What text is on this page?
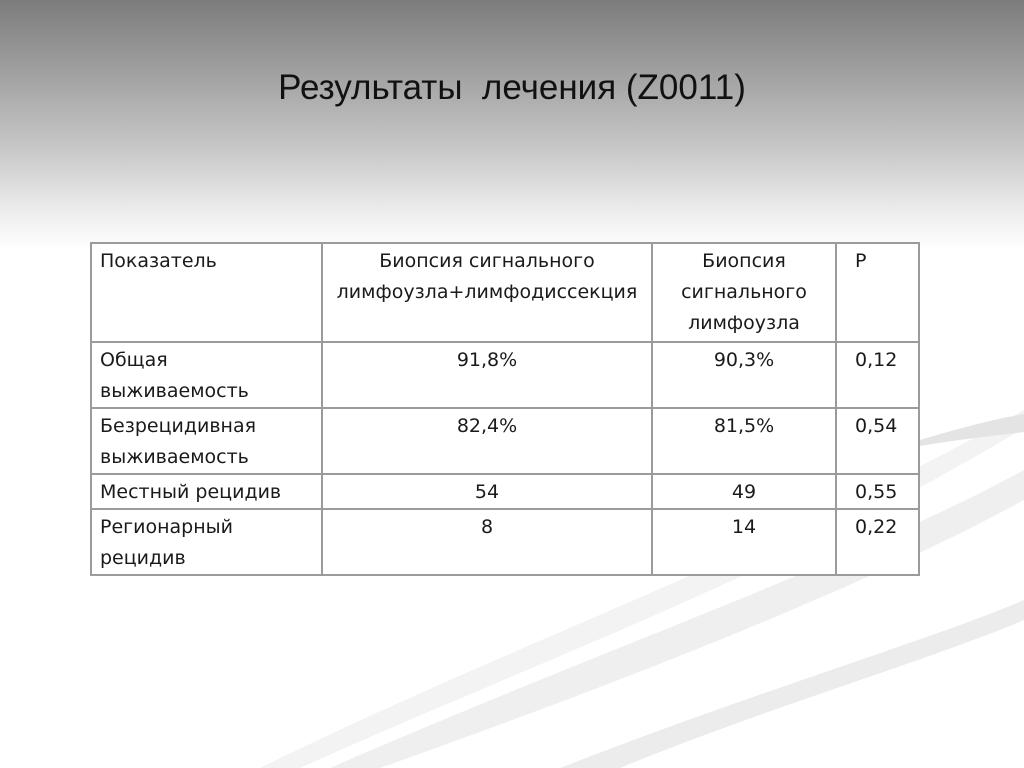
Результаты  лечения (Z0011)
Показатель	Биопсия сигнального лимфоузла+лимфодиссекция	Биопсия сигнального лимфоузла	P
Общая выживаемость	91,8%	90,3%	0,12
Безрецидивная выживаемость	82,4%	81,5%	0,54
Местный рецидив	54	49	0,55
Регионарный рецидив	8	14	0,22
